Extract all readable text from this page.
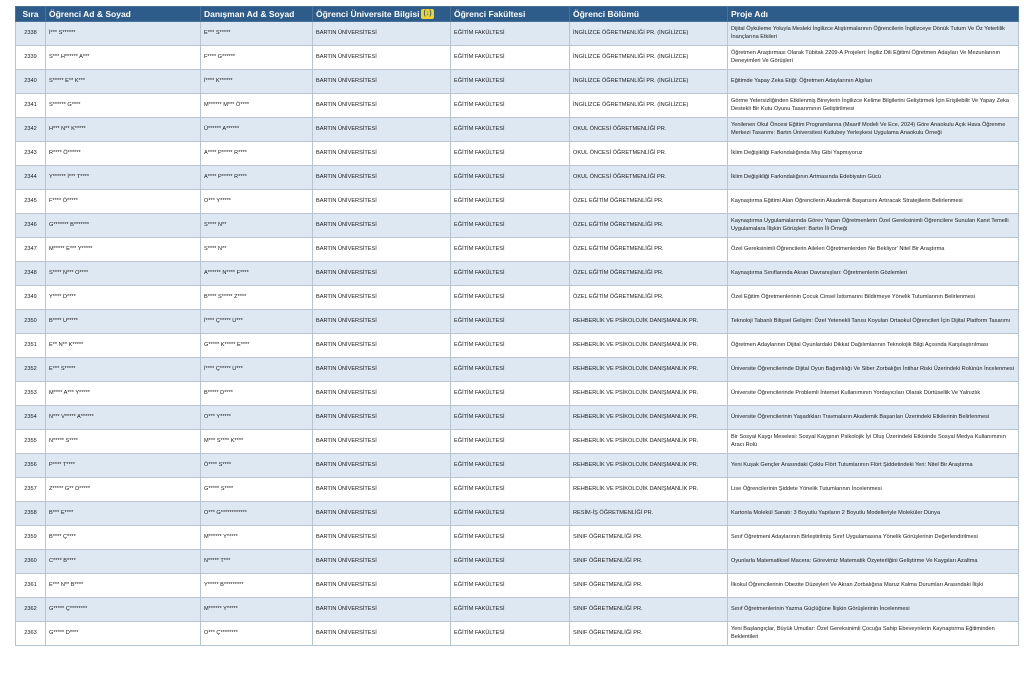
Sıra	Öğrenci Ad & Soyad	Danışman Ad & Soyad	Öğrenci Üniversite Bilgisi (↓)	Öğrenci Fakültesi	Öğrenci Bölümü	Proje Adı
2338	İ*** S******	E*** S*****	BARTIN ÜNİVERSİTESİ	EĞİTİM FAKÜLTESİ	İNGİLİZCE ÖĞRETMENLİĞİ PR. (İNGİLİZCE)	Dijital Öyküleme Yoluyla Mesleki İngilizce Alıştırmalarının Öğrencilerin İngilizceye Dönük Tutum Ve Öz Yeterlilik İnançlarına Etkileri
2339	S*** H****** A***	F**** G******	BARTIN ÜNİVERSİTESİ	EĞİTİM FAKÜLTESİ	İNGİLİZCE ÖĞRETMENLİĞİ PR. (İNGİLİZCE)	Öğretmen Araştırması Olarak Tübitak 2209-A Projeleri: İngiliz Dili Eğitimi Öğretmen Adayları Ve Mezunlarının Deneyimleri Ve Görüşleri
2340	S***** E** K***	İ**** K******	BARTIN ÜNİVERSİTESİ	EĞİTİM FAKÜLTESİ	İNGİLİZCE ÖĞRETMENLİĞİ PR. (İNGİLİZCE)	Eğitimde Yapay Zeka Etiği: Öğretmen Adaylarının Algıları
2341	S****** G****	M****** M*** Ö****	BARTIN ÜNİVERSİTESİ	EĞİTİM FAKÜLTESİ	İNGİLİZCE ÖĞRETMENLİĞİ PR. (İNGİLİZCE)	Görme Yetersizliğinden Etkilenmiş Bireylerin İngilizce Kelime Bilgilerini Geliştirmek İçin Erişilebilir Ve Yapay Zeka Destekli Bir Kutu Oyunu Tasarımının Geliştirilmesi
2342	H*** N** K*****	Ü****** A******	BARTIN ÜNİVERSİTESİ	EĞİTİM FAKÜLTESİ	OKUL ÖNCESİ ÖĞRETMENLİĞİ PR.	Yenilenen Okul Öncesi Eğitim Programlarına (Maarif Modeli Ve Ece, 2024) Göre Anaokulu Açık Hava Öğrenme Merkezi Tasarımı: Bartın Üniversitesi Kutlubey Yerleşkesi Uygulama Anaokulu Örneği
2343	R**** Ö******	A**** P***** R****	BARTIN ÜNİVERSİTESİ	EĞİTİM FAKÜLTESİ	OKUL ÖNCESİ ÖĞRETMENLİĞİ PR.	İklim Değişikliği Farkındalığında Mış Gibi Yapmıyoruz
2344	Y****** İ*** T****	A**** P***** R****	BARTIN ÜNİVERSİTESİ	EĞİTİM FAKÜLTESİ	OKUL ÖNCESİ ÖĞRETMENLİĞİ PR.	İklim Değişikliği Farkındalığının Artmasında Edebiyatın Gücü
2345	F**** Ö*****	O*** Y*****	BARTIN ÜNİVERSİTESİ	EĞİTİM FAKÜLTESİ	ÖZEL EĞİTİM ÖĞRETMENLİĞİ PR.	Kaynaştırma Eğitimi Alan Öğrencilerin Akademik Başarısını Artıracak Stratejilerin Belirlenmesi
2346	G******* B*******	S**** N**	BARTIN ÜNİVERSİTESİ	EĞİTİM FAKÜLTESİ	ÖZEL EĞİTİM ÖĞRETMENLİĞİ PR.	Kaynaştırma Uygulamalarında Görev Yapan Öğretmenlerin Özel Gereksinimli Öğrencilere Sunulan Kanıt Temelli Uygulamalara İlişkin Görüşleri: Bartın İli Örneği
2347	M***** E*** Y*****	S**** N**	BARTIN ÜNİVERSİTESİ	EĞİTİM FAKÜLTESİ	ÖZEL EĞİTİM ÖĞRETMENLİĞİ PR.	Özel Gereksinimli Öğrencilerin Aileleri Öğretmenlerden Ne Bekliyor' Nitel Bir Araştırma
2348	S**** N*** O****	A****** N**** F****	BARTIN ÜNİVERSİTESİ	EĞİTİM FAKÜLTESİ	ÖZEL EĞİTİM ÖĞRETMENLİĞİ PR.	Kaynaştırma Sınıflarında Akran Davranışları: Öğretmenlerin Gözlemleri
2349	Y**** D****	B**** S***** Z****	BARTIN ÜNİVERSİTESİ	EĞİTİM FAKÜLTESİ	ÖZEL EĞİTİM ÖĞRETMENLİĞİ PR.	Özel Eğitim Öğretmenlerinin Çocuk Cinsel İstismarını Bildirmeye Yönelik Tutumlarının Belirlenmesi
2350	B**** U*****	İ**** Ç***** U***	BARTIN ÜNİVERSİTESİ	EĞİTİM FAKÜLTESİ	REHBERLİK VE PSİKOLOJİK DANIŞMANLIK PR.	Teknoloji Tabanlı Bilişsel Gelişim: Özel Yetenekli Tanısı Koyulan Ortaokul Öğrencileri İçin Dijital Platform Tasarımı
2351	E** N** K*****	G***** K***** E****	BARTIN ÜNİVERSİTESİ	EĞİTİM FAKÜLTESİ	REHBERLİK VE PSİKOLOJİK DANIŞMANLIK PR.	Öğretmen Adaylarının Dijital Oyunlardaki Dikkat Dağılımlarının Teknolojik Bilgi Açısında Karşılaştırılması
2352	E*** S*****	İ**** Ç***** U***	BARTIN ÜNİVERSİTESİ	EĞİTİM FAKÜLTESİ	REHBERLİK VE PSİKOLOJİK DANIŞMANLIK PR.	Üniversite Öğrencilerinde Dijital Oyun Bağımlılığı Ve Siber Zorbalığın İntihar Riski Üzerindeki Rolünün İncelenmesi
2353	M**** A*** Y*****	B***** D****	BARTIN ÜNİVERSİTESİ	EĞİTİM FAKÜLTESİ	REHBERLİK VE PSİKOLOJİK DANIŞMANLIK PR.	Üniversite Öğrencilerinde Problemli İnternet Kullanımının Yordayıcıları Olarak Dürtüsellik Ve Yalnızlık
2354	N*** V***** A******	O*** Y*****	BARTIN ÜNİVERSİTESİ	EĞİTİM FAKÜLTESİ	REHBERLİK VE PSİKOLOJİK DANIŞMANLIK PR.	Üniversite Öğrencilerinin Yaşadıkları Travmaların Akademik Başarıları Üzerindeki Etkilerinin Belirlenmesi
2355	N***** S****	M*** S**** K****	BARTIN ÜNİVERSİTESİ	EĞİTİM FAKÜLTESİ	REHBERLİK VE PSİKOLOJİK DANIŞMANLIK PR.	Bir Sosyal Kaygı Meselesi: Sosyal Kaygının Psikolojik İyi Oluş Üzerindeki Etkisinde Sosyal Medya Kullanımının Aracı Rolü
2356	P**** T****	Ö**** S****	BARTIN ÜNİVERSİTESİ	EĞİTİM FAKÜLTESİ	REHBERLİK VE PSİKOLOJİK DANIŞMANLIK PR.	Yeni Kuşak Gençler Arasındaki Çoklu Flört Tutumlarının Flört Şiddetindeki Yeri: Nitel Bir Araştırma
2357	Z***** G** D*****	G***** S****	BARTIN ÜNİVERSİTESİ	EĞİTİM FAKÜLTESİ	REHBERLİK VE PSİKOLOJİK DANIŞMANLIK PR.	Lise Öğrencilerinin Şiddete Yönelik Tutumlarının İncelenmesi
2358	B*** E****	O*** G************	BARTIN ÜNİVERSİTESİ	EĞİTİM FAKÜLTESİ	RESİM-İŞ ÖĞRETMENLİĞİ PR.	Kartonla Molekül Sanatı: 3 Boyutlu Yapıların 2 Boyutlu Modelleriyle Moleküler Dünya
2359	B**** Ç****	M****** Y*****	BARTIN ÜNİVERSİTESİ	EĞİTİM FAKÜLTESİ	SINIF ÖĞRETMENLİĞİ PR.	Sınıf Öğretmeni Adaylarının Birleştirilmiş Sınıf Uygulamasına Yönelik Görüşlerinin Değerlendirilmesi
2360	C**** B****	N***** T***	BARTIN ÜNİVERSİTESİ	EĞİTİM FAKÜLTESİ	SINIF ÖĞRETMENLİĞİ PR.	Oyunlarla Matematiksel Macera: Görevimiz Matematik Özyeterliğini Geliştirme Ve Kaygıları Azaltma
2361	E*** N** B****	Y***** B*********	BARTIN ÜNİVERSİTESİ	EĞİTİM FAKÜLTESİ	SINIF ÖĞRETMENLİĞİ PR.	İlkokul Öğrencilerinin Obezite Düzeyleri Ve Akran Zorbalığına Maruz Kalma Durumları Arasındaki İlişki
2362	G***** Ç********	M****** Y*****	BARTIN ÜNİVERSİTESİ	EĞİTİM FAKÜLTESİ	SINIF ÖĞRETMENLİĞİ PR.	Sınıf Öğretmenlerinin Yazma Güçlüğüne İlişkin Görüşlerinin İncelenmesi
2363	G***** D****	O*** Ç********	BARTIN ÜNİVERSİTESİ	EĞİTİM FAKÜLTESİ	SINIF ÖĞRETMENLİĞİ PR.	Yeni Başlangıçlar, Büyük Umutlar: Özel Gereksinimli Çocuğa Sahip Ebeveynlerin Kaynaştırma Eğitiminden Beklentileri
